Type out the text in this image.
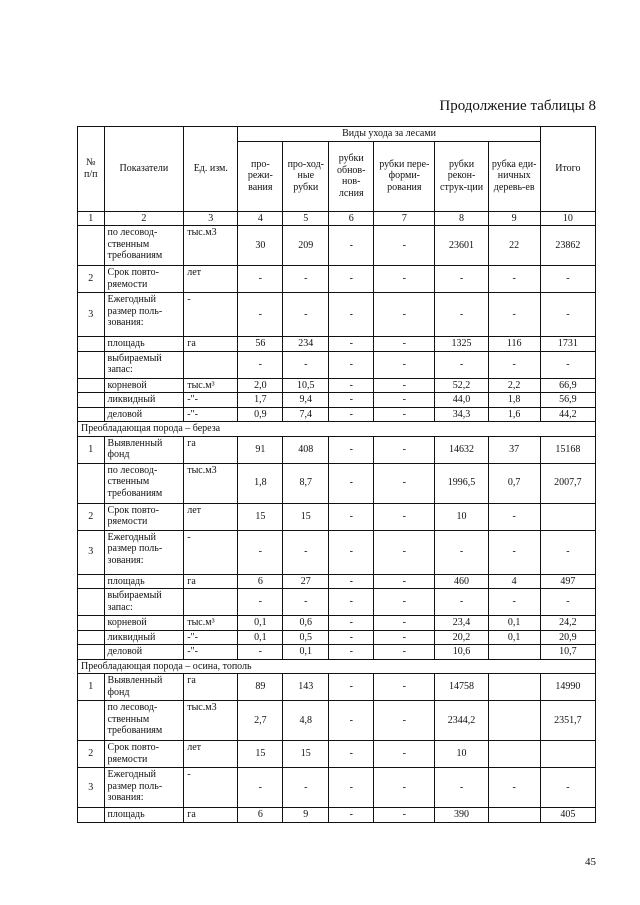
Продолжение таблицы 8
№ п/п	Показатели	Ед. изм.	Виды ухода за лесами						Итого
			про-режи-вания	про-ход-ные рубки	рубки обнов-нов-лсния	рубки пере-форми-рования	рубки рекон-струк-ции	рубка еди-ничных деревь-ев	
1	2	3	4	5	6	7	8	9	10
	по лесовод-ственным требованиям	тыс.м3	30	209	-	-	23601	22	23862
2	Срок повто-ряемости	лет	-	-	-	-	-	-	-
3	Ежегодный размер поль-зования:	-	-	-	-	-	-	-	-
	площадь	га	56	234	-	-	1325	116	1731
	выбираемый запас:		-	-	-	-	-	-	-
	корневой	тыс.м³	2,0	10,5	-	-	52,2	2,2	66,9
	ликвидный	-"-	1,7	9,4	-	-	44,0	1,8	56,9
	деловой	-"-	0,9	7,4	-	-	34,3	1,6	44,2
Преобладающая порода – береза									
1	Выявленный фонд	га	91	408	-	-	14632	37	15168
	по лесовод-ственным требованиям	тыс.м3	1,8	8,7	-	-	1996,5	0,7	2007,7
2	Срок повто-ряемости	лет	15	15	-	-	10	-	
3	Ежегодный размер поль-зования:	-	-	-	-	-	-	-	-
	площадь	га	6	27	-	-	460	4	497
	выбираемый запас:		-	-	-	-	-	-	-
	корневой	тыс.м³	0,1	0,6	-	-	23,4	0,1	24,2
	ликвидный	-"-	0,1	0,5	-	-	20,2	0,1	20,9
	деловой	-"-	-	0,1	-	-	10,6		10,7
Преобладающая порода – осина, тополь									
1	Выявленный фонд	га	89	143	-	-	14758		14990
	по лесовод-ственным требованиям	тыс.м3	2,7	4,8	-	-	2344,2		2351,7
2	Срок повто-ряемости	лет	15	15	-	-	10		
3	Ежегодный размер поль-зования:	-	-	-	-	-	-	-	-
	площадь	га	6	9	-	-	390		405
45
